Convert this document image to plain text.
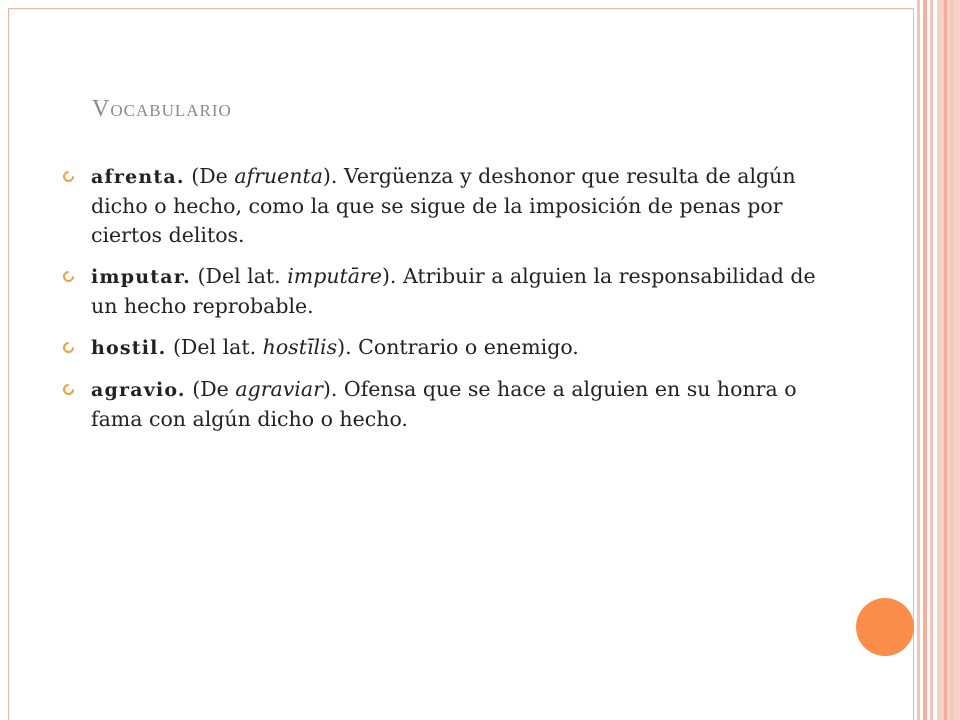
Vocabulario
afrenta. (De afruenta). Vergüenza y deshonor que resulta de algún dicho o hecho, como la que se sigue de la imposición de penas por ciertos delitos.
imputar. (Del lat. imputāre). Atribuir a alguien la responsabilidad de un hecho reprobable.
hostil. (Del lat. hostīlis). Contrario o enemigo.
agravio. (De agraviar). Ofensa que se hace a alguien en su honra o fama con algún dicho o hecho.
